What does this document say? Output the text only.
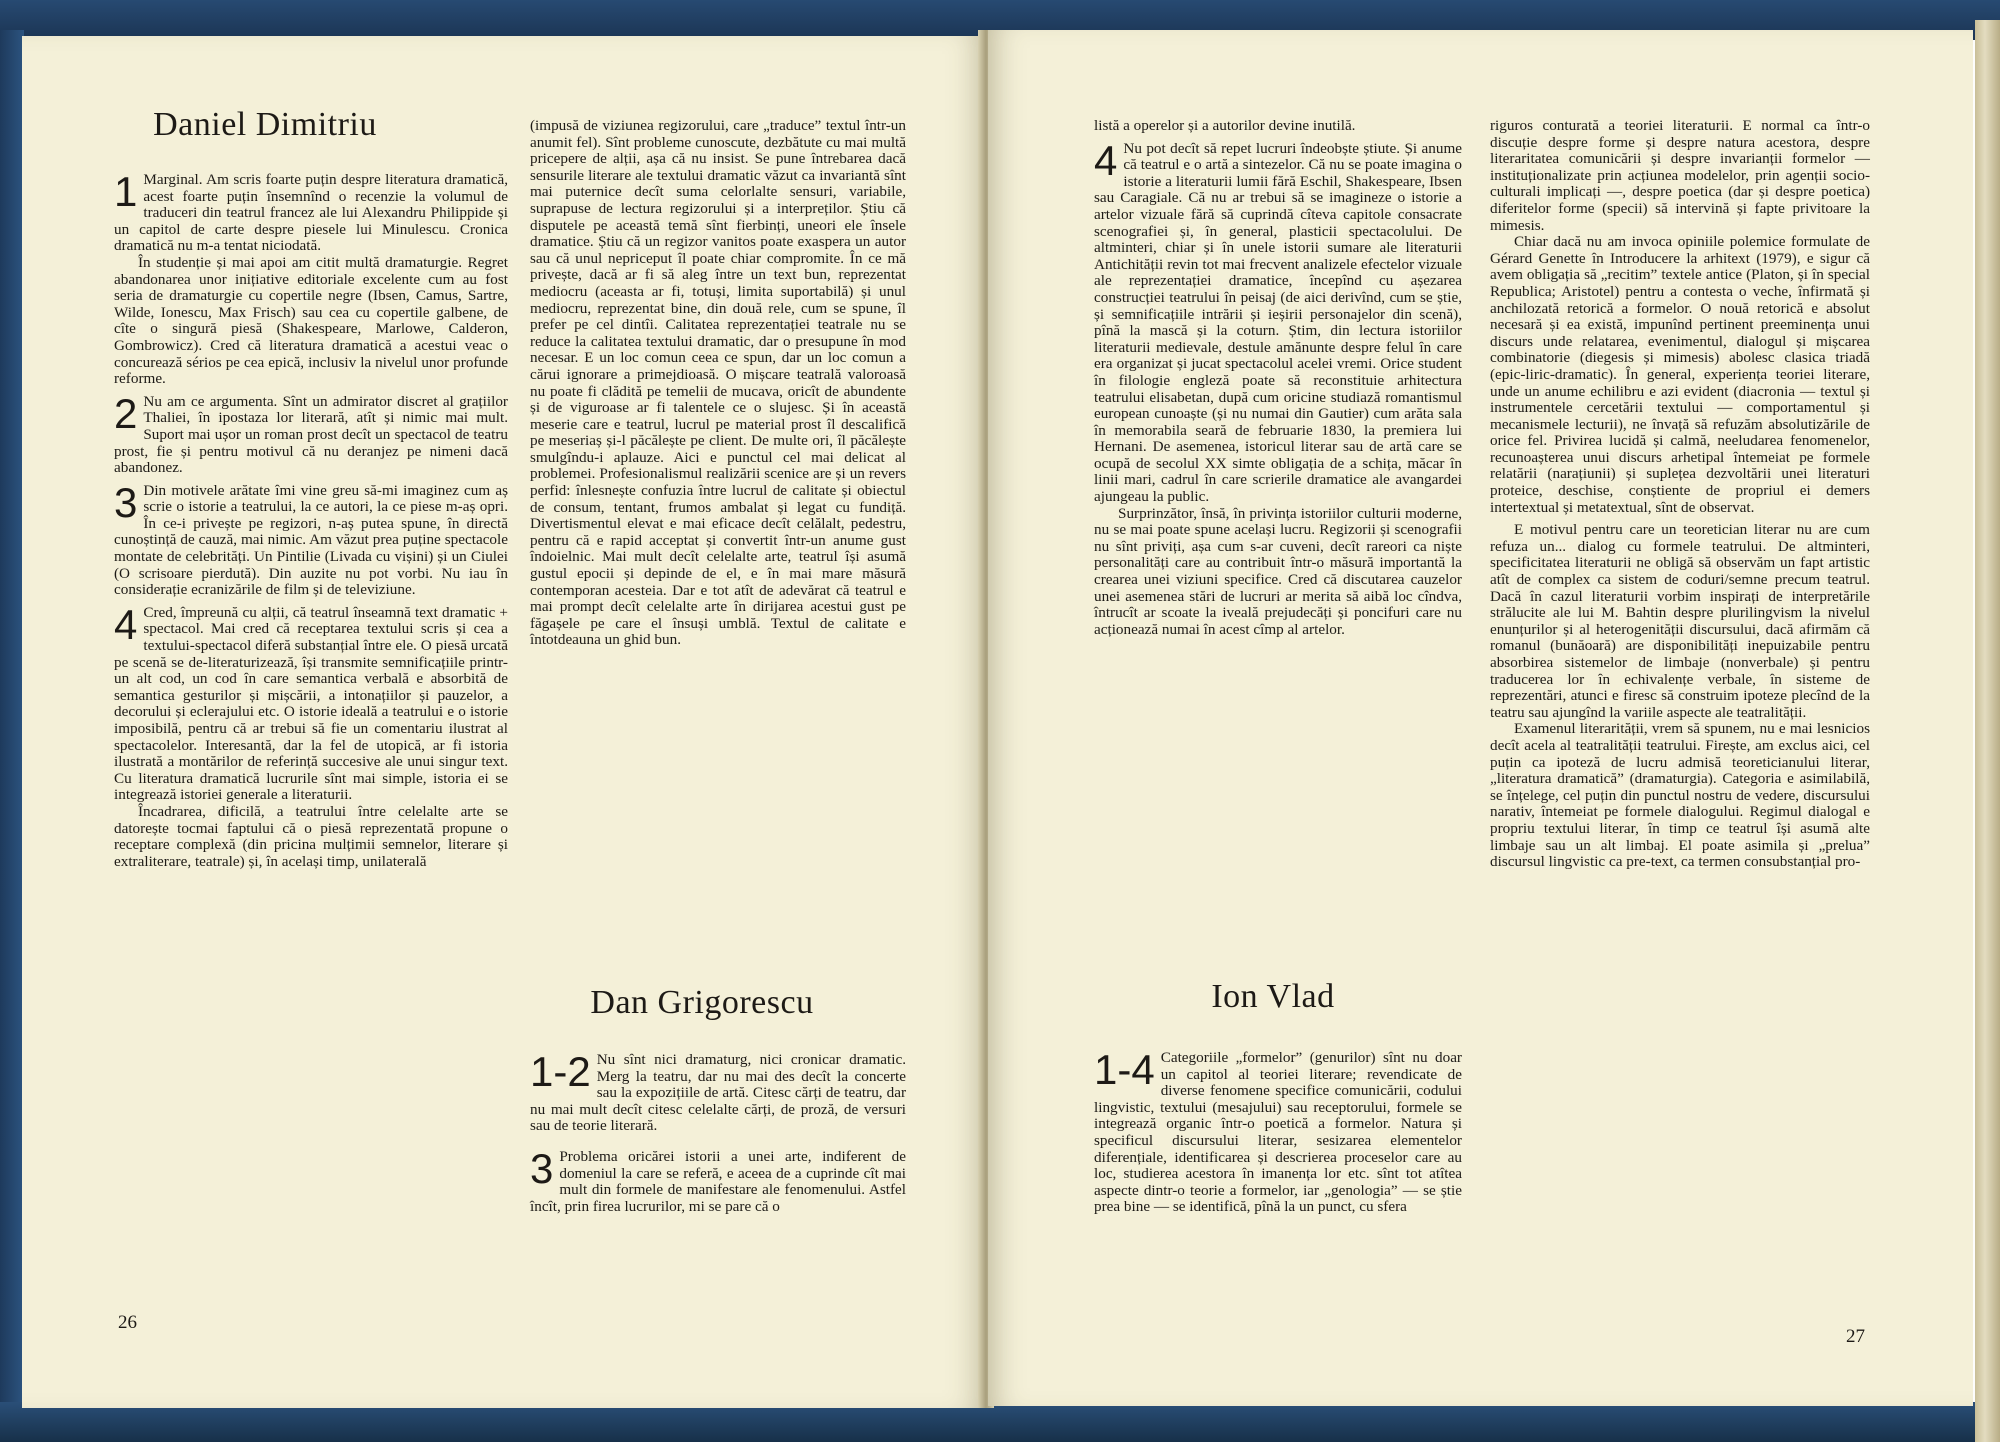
Daniel Dimitriu
1 Marginal. Am scris foarte puțin despre literatura dramatică, acest foarte puțin însemnînd o recenzie la volumul de traduceri din teatrul francez ale lui Alexandru Philippide și un capitol de carte despre piesele lui Minulescu. Cronica dramatică nu m-a tentat niciodată.

În studenție și mai apoi am citit multă dramaturgie. Regret abandonarea unor inițiative editoriale excelente cum au fost seria de dramaturgie cu copertile negre (Ibsen, Camus, Sartre, Wilde, Ionescu, Max Frisch) sau cea cu copertile galbene, de cîte o singură piesă (Shakespeare, Marlowe, Calderon, Gombrowicz). Cred că literatura dramatică a acestui veac o concurează sérios pe cea epică, inclusiv la nivelul unor profunde reforme.

2 Nu am ce argumenta. Sînt un admirator discret al grațiilor Thaliei, în ipostaza lor literară, atît și nimic mai mult. Suport mai ușor un roman prost decît un spectacol de teatru prost, fie și pentru motivul că nu deranjez pe nimeni dacă abandonez.
3 Din motivele arătate îmi vine greu să-mi imaginez cum aș scrie o istorie a teatrului, la ce autori, la ce piese m-aș opri. În ce-i privește pe regizori, n-aș putea spune, în directă cunoștință de cauză, mai nimic. Am văzut prea puține spectacole montate de celebrități. Un Pintilie (Livada cu vișini) și un Ciulei (O scrisoare pierdută). Din auzite nu pot vorbi. Nu iau în considerație ecranizările de film și de televiziune.
4 Cred, împreună cu alții, că teatrul înseamnă text dramatic + spectacol. Mai cred că receptarea textului scris și cea a textului-spectacol diferă substanțial între ele. O piesă urcată pe scenă se de-literaturizează, își transmite semnificațiile printr-un alt cod, un cod în care semantica verbală e absorbită de semantica gesturilor și mișcării, a intonațiilor și pauzelor, a decorului și eclerajului etc. O istorie ideală a teatrului e o istorie imposibilă, pentru că ar trebui să fie un comentariu ilustrat al spectacolelor. Interesantă, dar la fel de utopică, ar fi istoria ilustrată a montărilor de referință succesive ale unui singur text. Cu literatura dramatică lucrurile sînt mai simple, istoria ei se integrează istoriei generale a literaturii.

Încadrarea, dificilă, a teatrului între celelalte arte se datorește tocmai faptului că o piesă reprezentată propune o receptare complexă (din pricina mulțimii semnelor, literare și extraliterare, teatrale) și, în același timp, unilaterală

(impusă de viziunea regizorului, care „traduce” textul într-un anumit fel). Sînt probleme cunoscute, dezbătute cu mai multă pricepere de alții, așa că nu insist. Se pune întrebarea dacă sensurile literare ale textului dramatic văzut ca invariantă sînt mai puternice decît suma celorlalte sensuri, variabile, suprapuse de lectura regizorului și a interpreților. Știu că disputele pe această temă sînt fierbinți, uneori ele însele dramatice. Știu că un regizor vanitos poate exaspera un autor sau că unul nepriceput îl poate chiar compromite. În ce mă privește, dacă ar fi să aleg între un text bun, reprezentat mediocru (aceasta ar fi, totuși, limita suportabilă) și unul mediocru, reprezentat bine, din două rele, cum se spune, îl prefer pe cel dintîi. Calitatea reprezentației teatrale nu se reduce la calitatea textului dramatic, dar o presupune în mod necesar. E un loc comun ceea ce spun, dar un loc comun a cărui ignorare a primejdioasă. O mișcare teatrală valoroasă nu poate fi clădită pe temelii de mucava, oricît de abundente și de viguroase ar fi talentele ce o slujesc. Și în această meserie care e teatrul, lucrul pe material prost îl descalifică pe meseriaș și-l păcălește pe client. De multe ori, îl păcălește smulgîndu-i aplauze. Aici e punctul cel mai delicat al problemei. Profesionalismul realizării scenice are și un revers perfid: înlesnește confuzia între lucrul de calitate și obiectul de consum, tentant, frumos ambalat și legat cu fundiță. Divertismentul elevat e mai eficace decît celălalt, pedestru, pentru că e rapid acceptat și convertit într-un anume gust îndoielnic. Mai mult decît celelalte arte, teatrul își asumă gustul epocii și depinde de el, e în mai mare măsură contemporan acesteia. Dar e tot atît de adevărat că teatrul e mai prompt decît celelalte arte în dirijarea acestui gust pe făgașele pe care el însuși umblă. Textul de calitate e întotdeauna un ghid bun.

Dan Grigorescu
1-2 Nu sînt nici dramaturg, nici cronicar dramatic. Merg la teatru, dar nu mai des decît la concerte sau la expozițiile de artă. Citesc cărți de teatru, dar nu mai mult decît citesc celelalte cărți, de proză, de versuri sau de teorie literară.
3 Problema oricărei istorii a unei arte, indiferent de domeniul la care se referă, e aceea de a cuprinde cît mai mult din formele de manifestare ale fenomenului. Astfel încît, prin firea lucrurilor, mi se pare că o
26

listă a operelor și a autorilor devine inutilă.

4 Nu pot decît să repet lucruri îndeobște știute. Și anume că teatrul e o artă a sintezelor. Că nu se poate imagina o istorie a literaturii lumii fără Eschil, Shakespeare, Ibsen sau Caragiale. Că nu ar trebui să se imagineze o istorie a artelor vizuale fără să cuprindă cîteva capitole consacrate scenografiei și, în general, plasticii spectacolului. De altminteri, chiar și în unele istorii sumare ale literaturii Antichității revin tot mai frecvent analizele efectelor vizuale ale reprezentației dramatice, începînd cu așezarea construcției teatrului în peisaj (de aici derivînd, cum se știe, și semnificațiile intrării și ieșirii personajelor din scenă), pînă la mască și la coturn. Știm, din lectura istoriilor literaturii medievale, destule amănunte despre felul în care era organizat și jucat spectacolul acelei vremi. Orice student în filologie engleză poate să reconstituie arhitectura teatrului elisabetan, după cum oricine studiază romantismul european cunoaște (și nu numai din Gautier) cum arăta sala în memorabila seară de februarie 1830, la premiera lui Hernani. De asemenea, istoricul literar sau de artă care se ocupă de secolul XX simte obligația de a schița, măcar în linii mari, cadrul în care scrierile dramatice ale avangardei ajungeau la public.

Surprinzător, însă, în privința istoriilor culturii moderne, nu se mai poate spune același lucru. Regizorii și scenografii nu sînt priviți, așa cum s-ar cuveni, decît rareori ca niște personalități care au contribuit într-o măsură importantă la crearea unei viziuni specifice. Cred că discutarea cauzelor unei asemenea stări de lucruri ar merita să aibă loc cîndva, întrucît ar scoate la iveală prejudecăți și poncifuri care nu acționează numai în acest cîmp al artelor.

Ion Vlad
1-4 Categoriile „formelor” (genurilor) sînt nu doar un capitol al teoriei literare; revendicate de diverse fenomene specifice comunicării, codului lingvistic, textului (mesajului) sau receptorului, formele se integrează organic într-o poetică a formelor. Natura și specificul discursului literar, sesizarea elementelor diferențiale, identificarea și descrierea proceselor care au loc, studierea acestora în imanența lor etc. sînt tot atîtea aspecte dintr-o teorie a formelor, iar „genologia” — se știe prea bine — se identifică, pînă la un punct, cu sfera

riguros conturată a teoriei literaturii. E normal ca într-o discuție despre forme și despre natura acestora, despre literaritatea comunicării și despre invarianții formelor — instituționalizate prin acțiunea modelelor, prin agenții socio-culturali implicați —, despre poetica (dar și despre poetica) diferitelor forme (specii) să intervină și fapte privitoare la mimesis.

Chiar dacă nu am invoca opiniile polemice formulate de Gérard Genette în Introducere la arhitext (1979), e sigur că avem obligația să „recitim” textele antice (Platon, și în special Republica; Aristotel) pentru a contesta o veche, înfirmată și anchilozată retorică a formelor. O nouă retorică e absolut necesară și ea există, impunînd pertinent preeminența unui discurs unde relatarea, evenimentul, dialogul și mișcarea combinatorie (diegesis și mimesis) abolesc clasica triadă (epic-liric-dramatic). În general, experiența teoriei literare, unde un anume echilibru e azi evident (diacronia — textul și instrumentele cercetării textului — comportamentul și mecanismele lecturii), ne învață să refuzăm absolutizările de orice fel. Privirea lucidă și calmă, neeludarea fenomenelor, recunoașterea unui discurs arhetipal întemeiat pe formele relatării (narațiunii) și suplețea dezvoltării unei literaturi proteice, deschise, conștiente de propriul ei demers intertextual și metatextual, sînt de observat.

E motivul pentru care un teoretician literar nu are cum refuza un... dialog cu formele teatrului. De altminteri, specificitatea literaturii ne obligă să observăm un fapt artistic atît de complex ca sistem de coduri/semne precum teatrul. Dacă în cazul literaturii vorbim inspirați de interpretările strălucite ale lui M. Bahtin despre plurilingvism la nivelul enunțurilor și al heterogenității discursului, dacă afirmăm că romanul (bunăoară) are disponibilități inepuizabile pentru absorbirea sistemelor de limbaje (nonverbale) și pentru traducerea lor în echivalențe verbale, în sisteme de reprezentări, atunci e firesc să construim ipoteze plecînd de la teatru sau ajungînd la variile aspecte ale teatralității.

Examenul literarității, vrem să spunem, nu e mai lesnicios decît acela al teatralității teatrului. Firește, am exclus aici, cel puțin ca ipoteză de lucru admisă teoreticianului literar, „literatura dramatică” (dramaturgia). Categoria e asimilabilă, se înțelege, cel puțin din punctul nostru de vedere, discursului narativ, întemeiat pe formele dialogului. Regimul dialogal e propriu textului literar, în timp ce teatrul își asumă alte limbaje sau un alt limbaj. El poate asimila și „prelua” discursul lingvistic ca pre-text, ca termen consubstanțial pro-

27
